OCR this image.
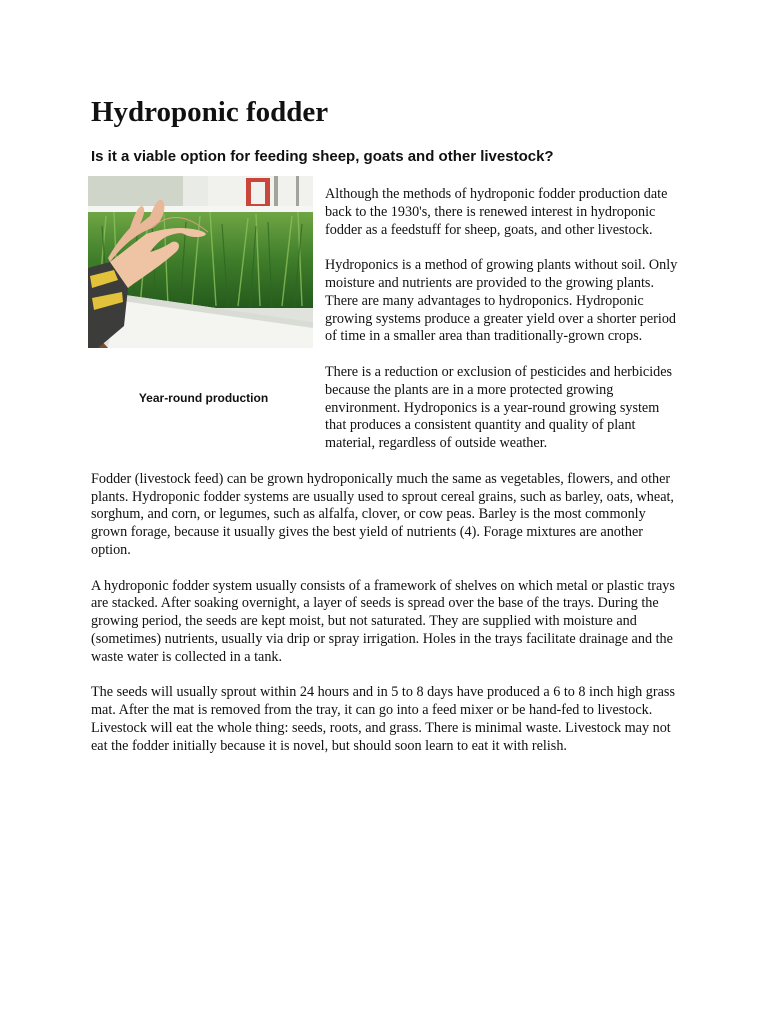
Hydroponic fodder
Is it a viable option for feeding sheep, goats and other livestock?
Year-round production

Although the methods of hydroponic fodder production date back to the 1930's, there is renewed interest in hydroponic fodder as a feedstuff for sheep, goats, and other livestock.

Hydroponics is a method of growing plants without soil. Only moisture and nutrients are provided to the growing plants. There are many advantages to hydroponics. Hydroponic growing systems produce a greater yield over a shorter period of time in a smaller area than traditionally-grown crops.

There is a reduction or exclusion of pesticides and herbicides because the plants are in a more protected growing environment. Hydroponics is a year-round growing system that produces a consistent quantity and quality of plant material, regardless of outside weather.

Fodder (livestock feed) can be grown hydroponically much the same as vegetables, flowers, and other plants. Hydroponic fodder systems are usually used to sprout cereal grains, such as barley, oats, wheat, sorghum, and corn, or legumes, such as alfalfa, clover, or cow peas. Barley is the most commonly grown forage, because it usually gives the best yield of nutrients (4). Forage mixtures are another option.

A hydroponic fodder system usually consists of a framework of shelves on which metal or plastic trays are stacked. After soaking overnight, a layer of seeds is spread over the base of the trays. During the growing period, the seeds are kept moist, but not saturated. They are supplied with moisture and (sometimes) nutrients, usually via drip or spray irrigation. Holes in the trays facilitate drainage and the waste water is collected in a tank.

The seeds will usually sprout within 24 hours and in 5 to 8 days have produced a 6 to 8 inch high grass mat. After the mat is removed from the tray, it can go into a feed mixer or be hand-fed to livestock. Livestock will eat the whole thing: seeds, roots, and grass. There is minimal waste. Livestock may not eat the fodder initially because it is novel, but should soon learn to eat it with relish.
